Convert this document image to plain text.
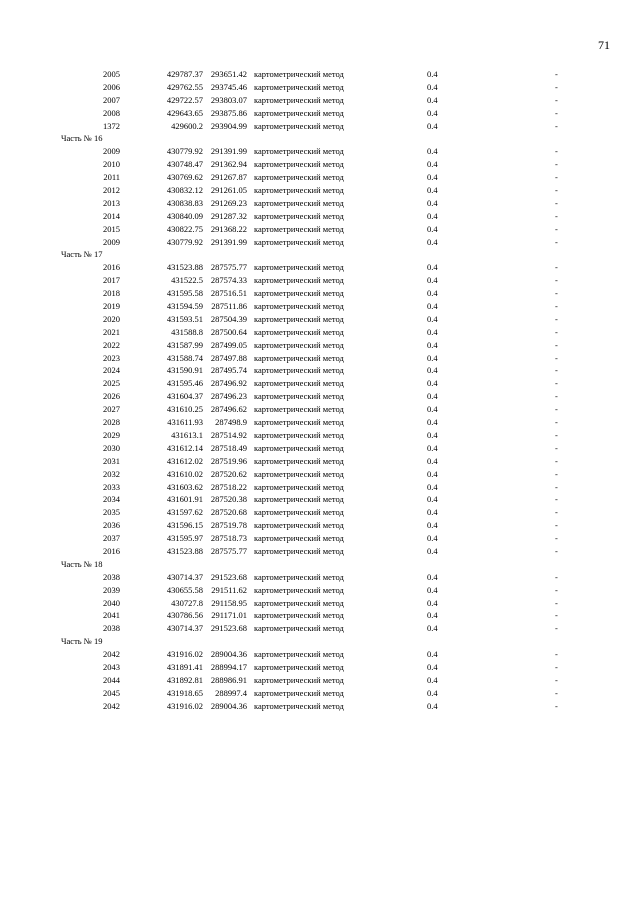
71
2005	429787.37 293651.42 картометрический метод	0.4	-
2006	429762.55 293745.46 картометрический метод	0.4	-
2007	429722.57 293803.07 картометрический метод	0.4	-
2008	429643.65 293875.86 картометрический метод	0.4	-
1372	429600.2 293904.99 картометрический метод	0.4	-
Часть № 16
2009	430779.92 291391.99 картометрический метод	0.4	-
2010	430748.47 291362.94 картометрический метод	0.4	-
2011	430769.62 291267.87 картометрический метод	0.4	-
2012	430832.12 291261.05 картометрический метод	0.4	-
2013	430838.83 291269.23 картометрический метод	0.4	-
2014	430840.09 291287.32 картометрический метод	0.4	-
2015	430822.75 291368.22 картометрический метод	0.4	-
2009	430779.92 291391.99 картометрический метод	0.4	-
Часть № 17
2016	431523.88 287575.77 картометрический метод	0.4	-
2017	431522.5 287574.33 картометрический метод	0.4	-
2018	431595.58 287516.51 картометрический метод	0.4	-
2019	431594.59 287511.86 картометрический метод	0.4	-
2020	431593.51 287504.39 картометрический метод	0.4	-
2021	431588.8 287500.64 картометрический метод	0.4	-
2022	431587.99 287499.05 картометрический метод	0.4	-
2023	431588.74 287497.88 картометрический метод	0.4	-
2024	431590.91 287495.74 картометрический метод	0.4	-
2025	431595.46 287496.92 картометрический метод	0.4	-
2026	431604.37 287496.23 картометрический метод	0.4	-
2027	431610.25 287496.62 картометрический метод	0.4	-
2028	431611.93	287498.9 картометрический метод	0.4	-
2029	431613.1 287514.92 картометрический метод	0.4	-
2030	431612.14 287518.49 картометрический метод	0.4	-
2031	431612.02 287519.96 картометрический метод	0.4	-
2032	431610.02 287520.62 картометрический метод	0.4	-
2033	431603.62 287518.22 картометрический метод	0.4	-
2034	431601.91 287520.38 картометрический метод	0.4	-
2035	431597.62 287520.68 картометрический метод	0.4	-
2036	431596.15 287519.78 картометрический метод	0.4	-
2037	431595.97 287518.73 картометрический метод	0.4	-
2016	431523.88 287575.77 картометрический метод	0.4	-
Часть № 18
2038	430714.37 291523.68 картометрический метод	0.4	-
2039	430655.58 291511.62 картометрический метод	0.4	-
2040	430727.8 291158.95 картометрический метод	0.4	-
2041	430786.56 291171.01 картометрический метод	0.4	-
2038	430714.37 291523.68 картометрический метод	0.4	-
Часть № 19
2042	431916.02 289004.36 картометрический метод	0.4	-
2043	431891.41 288994.17 картометрический метод	0.4	-
2044	431892.81 288986.91 картометрический метод	0.4	-
2045	431918.65	288997.4 картометрический метод	0.4	-
2042	431916.02 289004.36 картометрический метод	0.4	-
